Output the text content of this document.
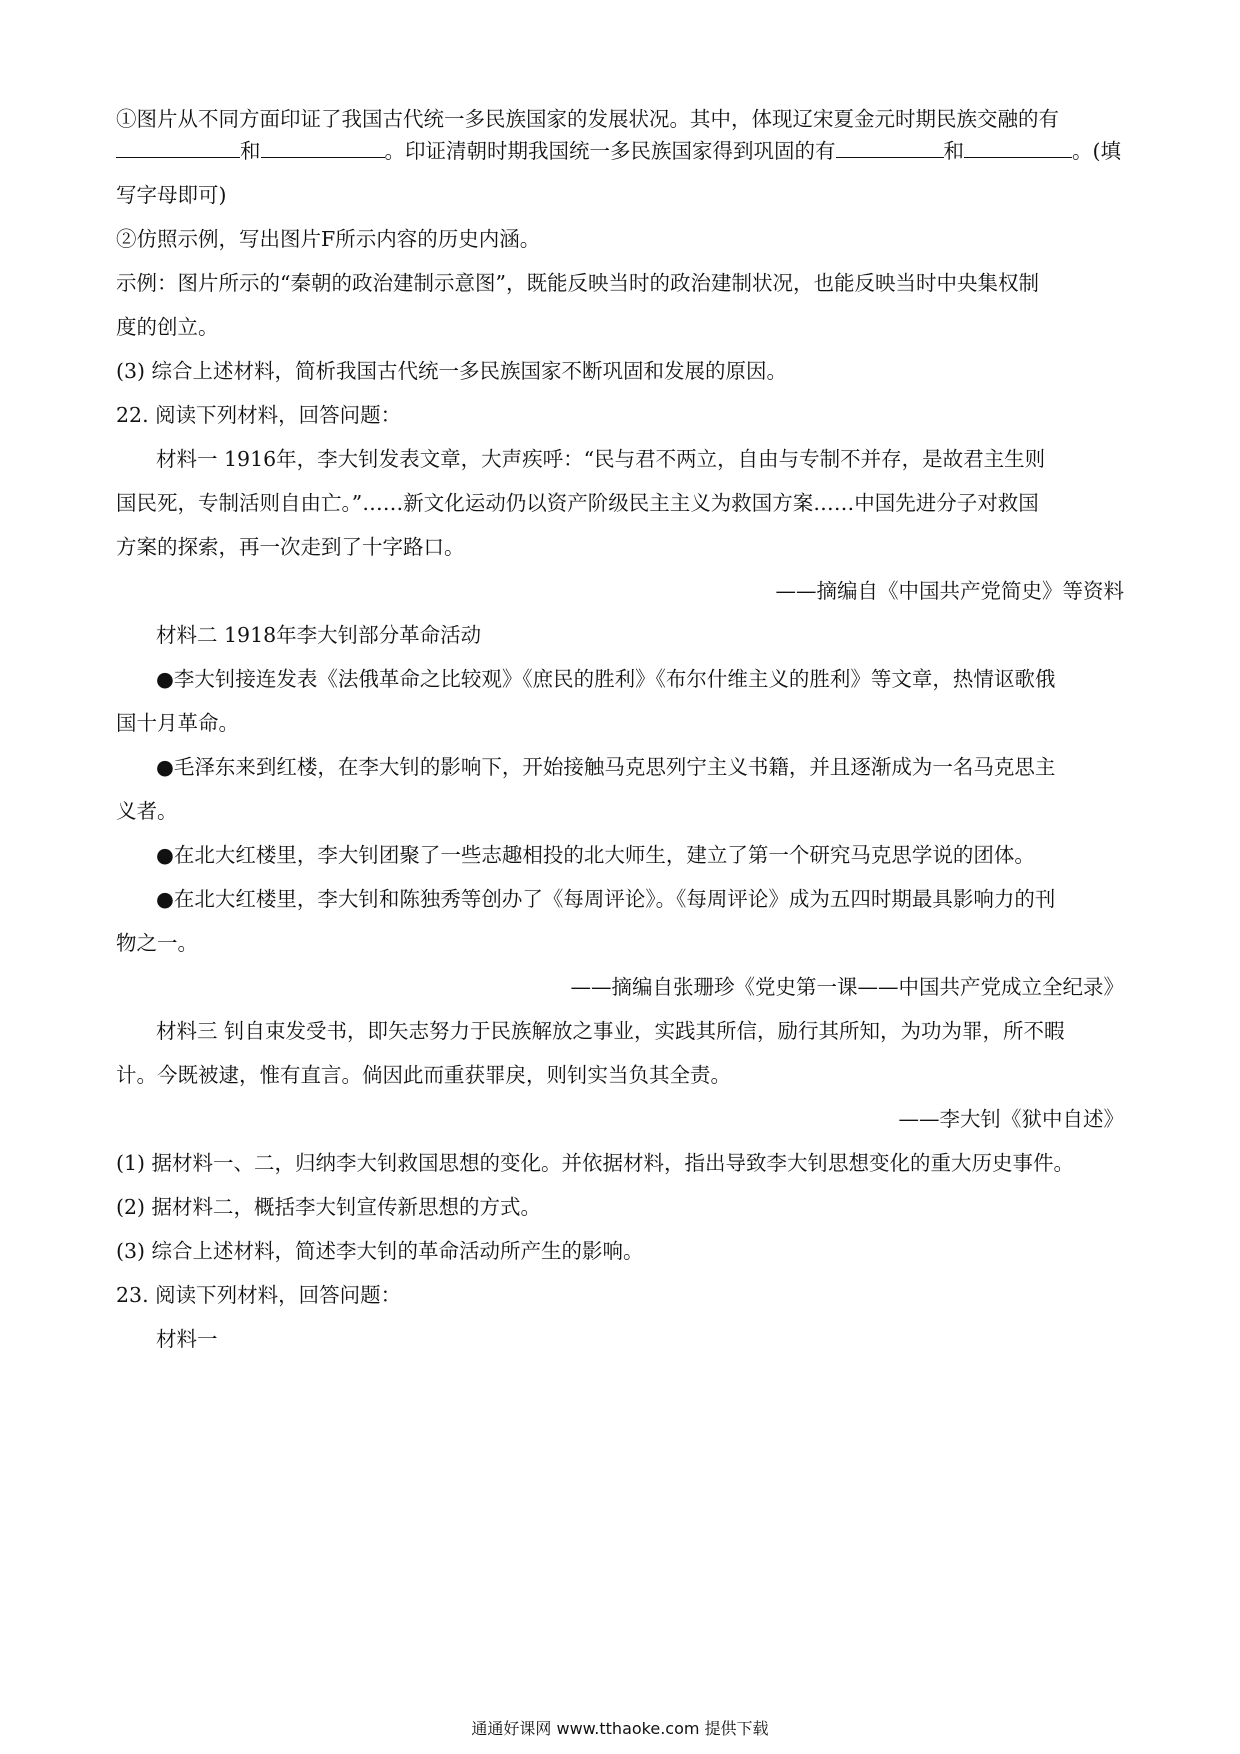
①图片从不同方面印证了我国古代统一多民族国家的发展状况。其中，体现辽宋夏金元时期民族交融的有
和	。印证清朝时期我国统一多民族国家得到巩固的有	和	。(填
写字母即可)
②仿照示例，写出图片F所示内容的历史内涵。
示例：图片所示的“秦朝的政治建制示意图”，既能反映当时的政治建制状况，也能反映当时中央集权制
度的创立。
(3) 综合上述材料，简析我国古代统一多民族国家不断巩固和发展的原因。
22. 阅读下列材料，回答问题：
材料一 1916年，李大钊发表文章，大声疾呼：“民与君不两立，自由与专制不并存，是故君主生则
国民死，专制活则自由亡。”……新文化运动仍以资产阶级民主主义为救国方案……中国先进分子对救国
方案的探索，再一次走到了十字路口。
——摘编自《中国共产党简史》等资料
材料二 1918年李大钊部分革命活动
●李大钊接连发表《法俄革命之比较观》《庶民的胜利》《布尔什维主义的胜利》等文章，热情讴歌俄
国十月革命。
●毛泽东来到红楼，在李大钊的影响下，开始接触马克思列宁主义书籍，并且逐渐成为一名马克思主
义者。
●在北大红楼里，李大钊团聚了一些志趣相投的北大师生，建立了第一个研究马克思学说的团体。
●在北大红楼里，李大钊和陈独秀等创办了《每周评论》。《每周评论》成为五四时期最具影响力的刊
物之一。
——摘编自张珊珍《党史第一课——中国共产党成立全纪录》
材料三 钊自束发受书，即矢志努力于民族解放之事业，实践其所信，励行其所知，为功为罪，所不暇
计。今既被逮，惟有直言。倘因此而重获罪戾，则钊实当负其全责。
——李大钊《狱中自述》
(1) 据材料一、二，归纳李大钊救国思想的变化。并依据材料，指出导致李大钊思想变化的重大历史事件。
(2) 据材料二，概括李大钊宣传新思想的方式。
(3) 综合上述材料，简述李大钊的革命活动所产生的影响。
23. 阅读下列材料，回答问题：
材料一
通通好课网 www.tthaoke.com 提供下载
